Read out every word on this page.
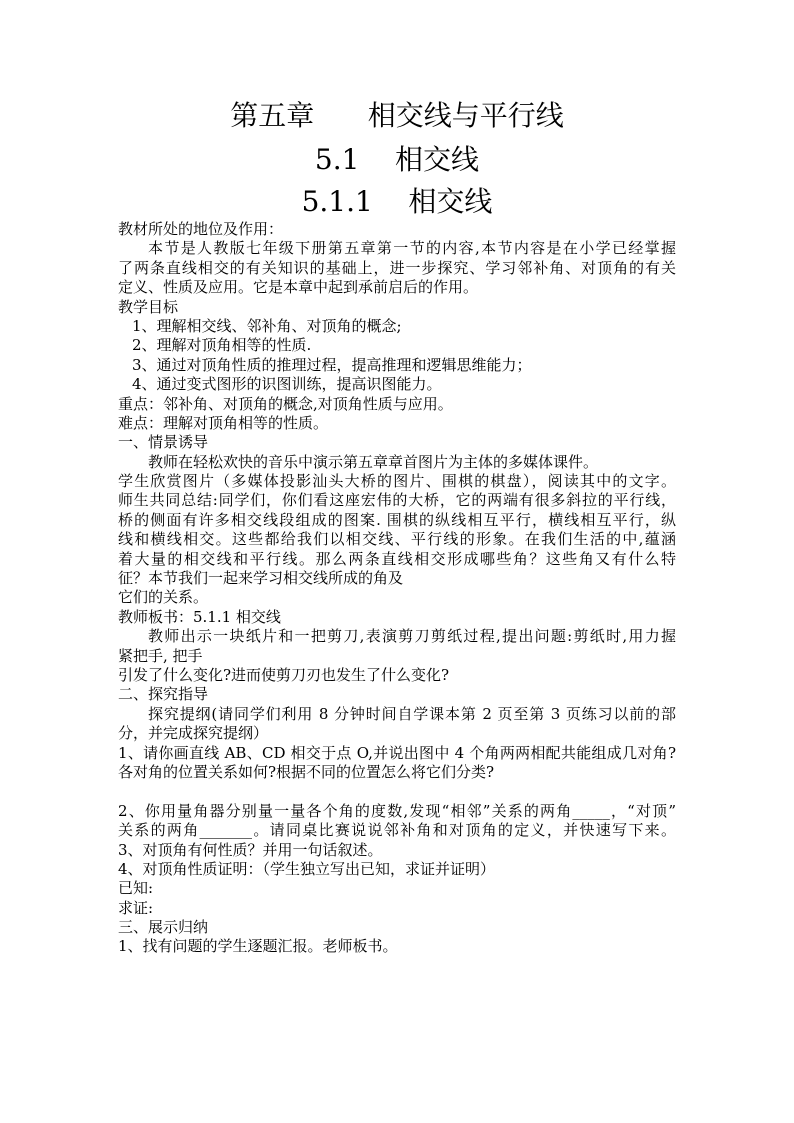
第五章      相交线与平行线
5.1    相交线
5.1.1    相交线
教材所处的地位及作用：
本节是人教版七年级下册第五章第一节的内容,本节内容是在小学已经掌握
了两条直线相交的有关知识的基础上，进一步探究、学习邻补角、对顶角的有关
定义、性质及应用。它是本章中起到承前启后的作用。
教学目标
1、理解相交线、邻补角、对顶角的概念;
2、理解对顶角相等的性质.
3、通过对顶角性质的推理过程，提高推理和逻辑思维能力；
4、通过变式图形的识图训练，提高识图能力。
重点：邻补角、对顶角的概念,对顶角性质与应用。
难点：理解对顶角相等的性质。
一、情景诱导
教师在轻松欢快的音乐中演示第五章章首图片为主体的多媒体课件。
学生欣赏图片（多媒体投影汕头大桥的图片、围棋的棋盘），阅读其中的文字。
师生共同总结:同学们，你们看这座宏伟的大桥，它的两端有很多斜拉的平行线，
桥的侧面有许多相交线段组成的图案. 围棋的纵线相互平行，横线相互平行，纵
线和横线相交。这些都给我们以相交线、平行线的形象。在我们生活的中,蕴涵
着大量的相交线和平行线。那么两条直线相交形成哪些角？这些角又有什么特
征？本节我们一起来学习相交线所成的角及
它们的关系。
教师板书：5.1.1 相交线
教师出示一块纸片和一把剪刀,表演剪刀剪纸过程,提出问题:剪纸时,用力握
紧把手, 把手
引发了什么变化?进而使剪刀刃也发生了什么变化?
二、探究指导
探究提纲(请同学们利用 8 分钟时间自学课本第 2 页至第 3 页练习以前的部
分，并完成探究提纲）
1、请你画直线 AB、CD 相交于点 O,并说出图中 4 个角两两相配共能组成几对角?
各对角的位置关系如何?根据不同的位置怎么将它们分类?
2、你用量角器分别量一量各个角的度数,发现“相邻”关系的两角_____，“对顶”
关系的两角_______。请同桌比赛说说邻补角和对顶角的定义，并快速写下来。
3、对顶角有何性质？并用一句话叙述。
4、对顶角性质证明：（学生独立写出已知，求证并证明）
已知:
求证:
三、展示归纳
1、找有问题的学生逐题汇报。老师板书。
